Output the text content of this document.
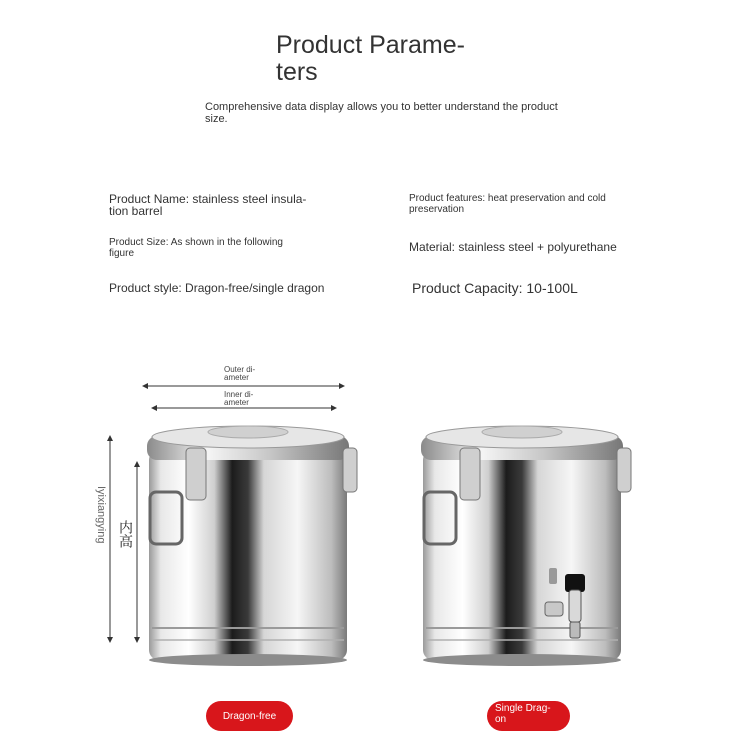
Product Parame-
ters
Comprehensive data display allows you to better understand the product size.
Product Name: stainless steel insula-
tion barrel
Product features: heat preservation and cold preservation
Product Size: As shown in the following figure	Material: stainless steel + polyurethane
Product style: Dragon-free/single dragon	Product Capacity: 10-100L
Outer di-
ameter
Inner di-
ameter
Iyixiangying 内高
Dragon-free
Single Drag-
on
